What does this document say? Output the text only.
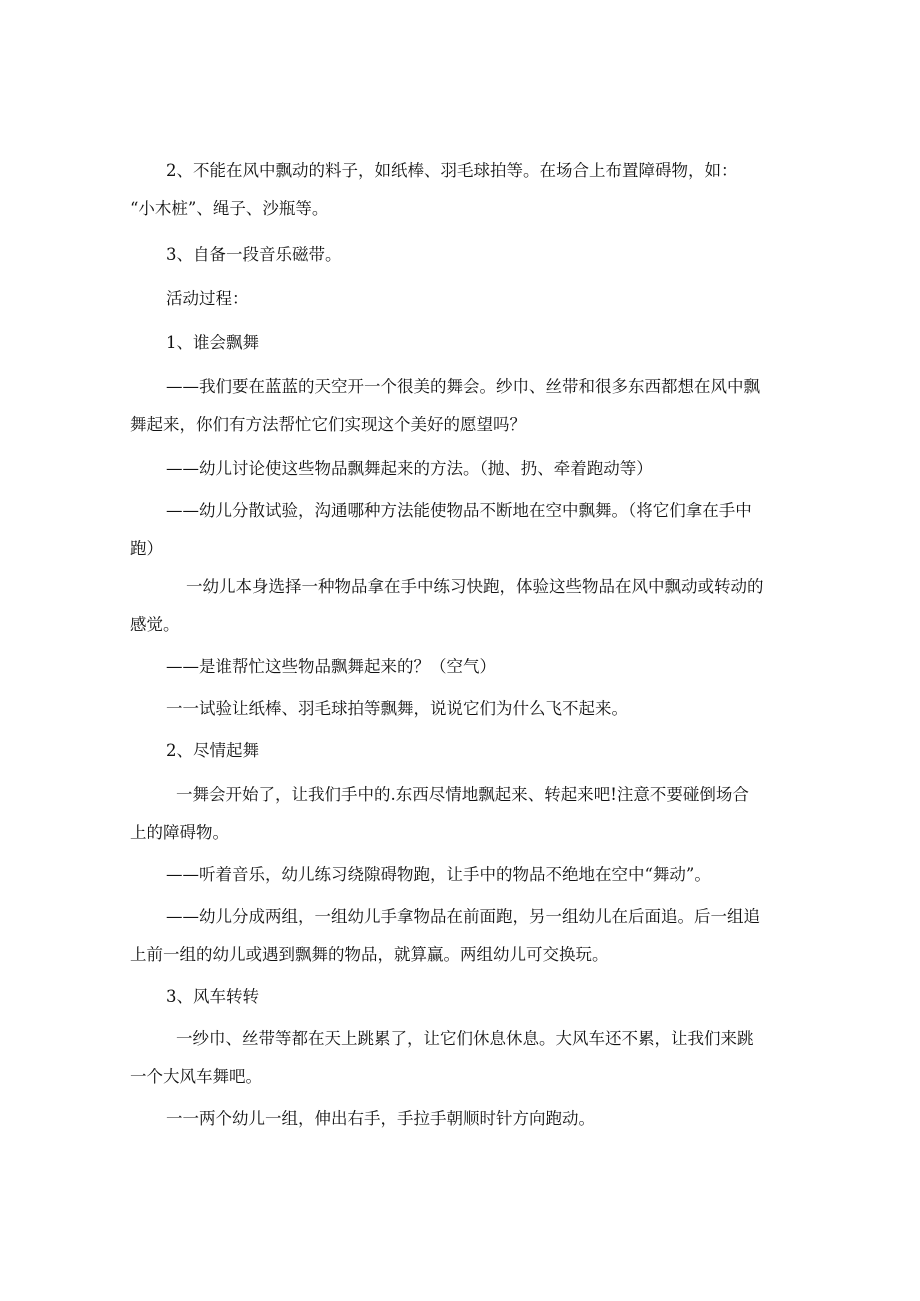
2、不能在风中飘动的料子，如纸棒、羽毛球拍等。在场合上布置障碍物，如：
“小木桩”、绳子、沙瓶等。
3、自备一段音乐磁带。
活动过程：
1、谁会飘舞
——我们要在蓝蓝的天空开一个很美的舞会。纱巾、丝带和很多东西都想在风中飘
舞起来，你们有方法帮忙它们实现这个美好的愿望吗？
——幼儿讨论使这些物品飘舞起来的方法。（抛、扔、牵着跑动等）
——幼儿分散试验，沟通哪种方法能使物品不断地在空中飘舞。（将它们拿在手中
跑）
一幼儿本身选择一种物品拿在手中练习快跑，体验这些物品在风中飘动或转动的
感觉。
——是谁帮忙这些物品飘舞起来的？（空气）
一一试验让纸棒、羽毛球拍等飘舞，说说它们为什么飞不起来。
2、尽情起舞
一舞会开始了，让我们手中的.东西尽情地飘起来、转起来吧!注意不要碰倒场合
上的障碍物。
——听着音乐，幼儿练习绕隙碍物跑，让手中的物品不绝地在空中“舞动”。
——幼儿分成两组，一组幼儿手拿物品在前面跑，另一组幼儿在后面追。后一组追
上前一组的幼儿或遇到飘舞的物品，就算赢。两组幼儿可交换玩。
3、风车转转
一纱巾、丝带等都在天上跳累了，让它们休息休息。大风车还不累，让我们来跳
一个大风车舞吧。
一一两个幼儿一组，伸出右手，手拉手朝顺时针方向跑动。
